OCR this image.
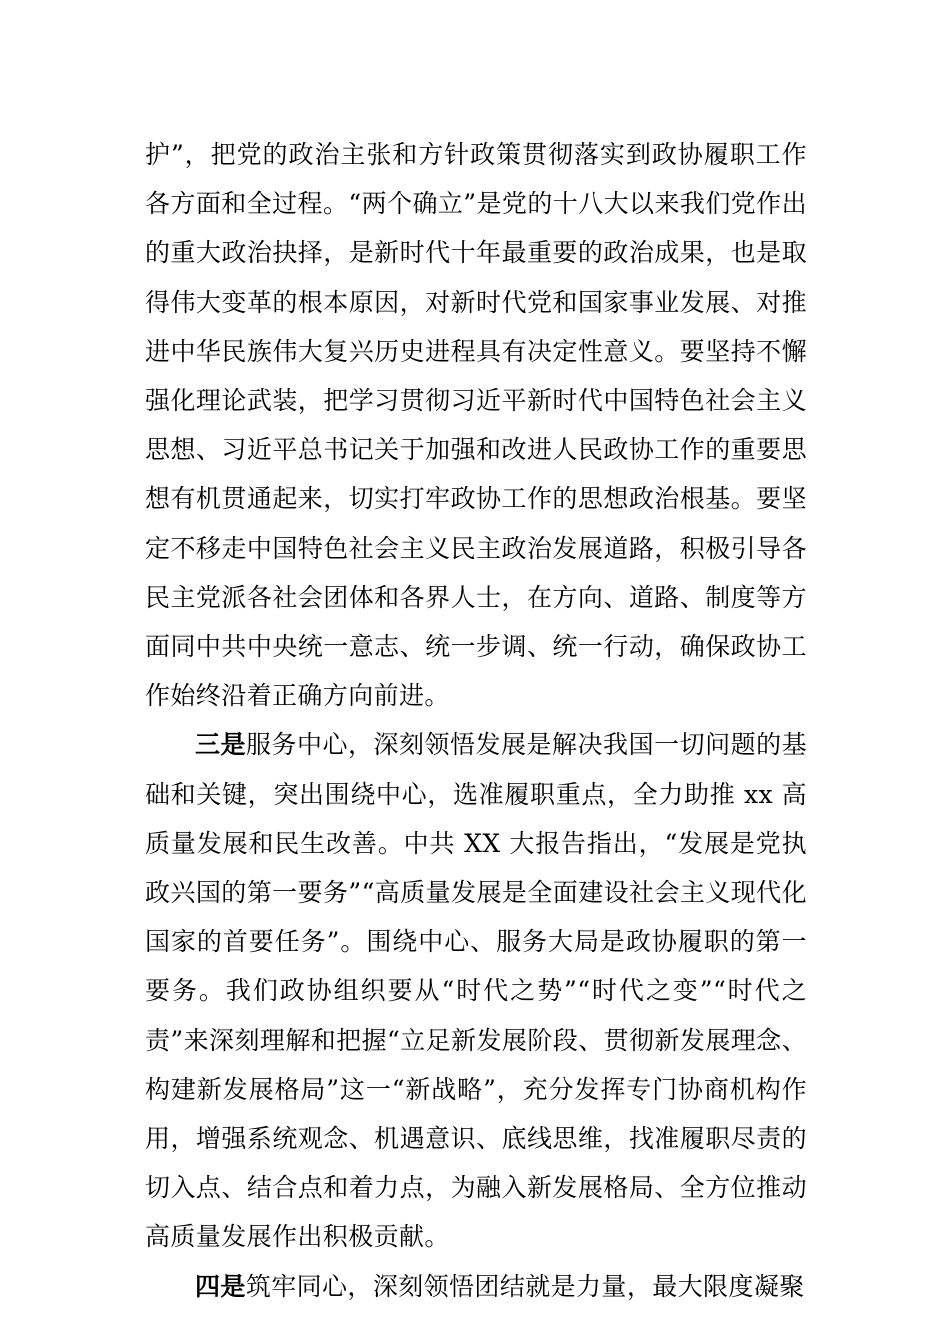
护”，把党的政治主张和方针政策贯彻落实到政协履职工作各方面和全过程。“两个确立”是党的十八大以来我们党作出的重大政治抉择，是新时代十年最重要的政治成果，也是取得伟大变革的根本原因，对新时代党和国家事业发展、对推进中华民族伟大复兴历史进程具有决定性意义。要坚持不懈强化理论武装，把学习贯彻习近平新时代中国特色社会主义思想、习近平总书记关于加强和改进人民政协工作的重要思想有机贯通起来，切实打牢政协工作的思想政治根基。要坚定不移走中国特色社会主义民主政治发展道路，积极引导各民主党派各社会团体和各界人士，在方向、道路、制度等方面同中共中央统一意志、统一步调、统一行动，确保政协工作始终沿着正确方向前进。

三是服务中心，深刻领悟发展是解决我国一切问题的基础和关键，突出围绕中心，选准履职重点，全力助推 xx 高质量发展和民生改善。中共 XX 大报告指出，“发展是党执政兴国的第一要务”“高质量发展是全面建设社会主义现代化国家的首要任务”。围绕中心、服务大局是政协履职的第一要务。我们政协组织要从“时代之势”“时代之变”“时代之责”来深刻理解和把握“立足新发展阶段、贯彻新发展理念、构建新发展格局”这一“新战略”，充分发挥专门协商机构作用，增强系统观念、机遇意识、底线思维，找准履职尽责的切入点、结合点和着力点，为融入新发展格局、全方位推动高质量发展作出积极贡献。

四是筑牢同心，深刻领悟团结就是力量，最大限度凝聚
